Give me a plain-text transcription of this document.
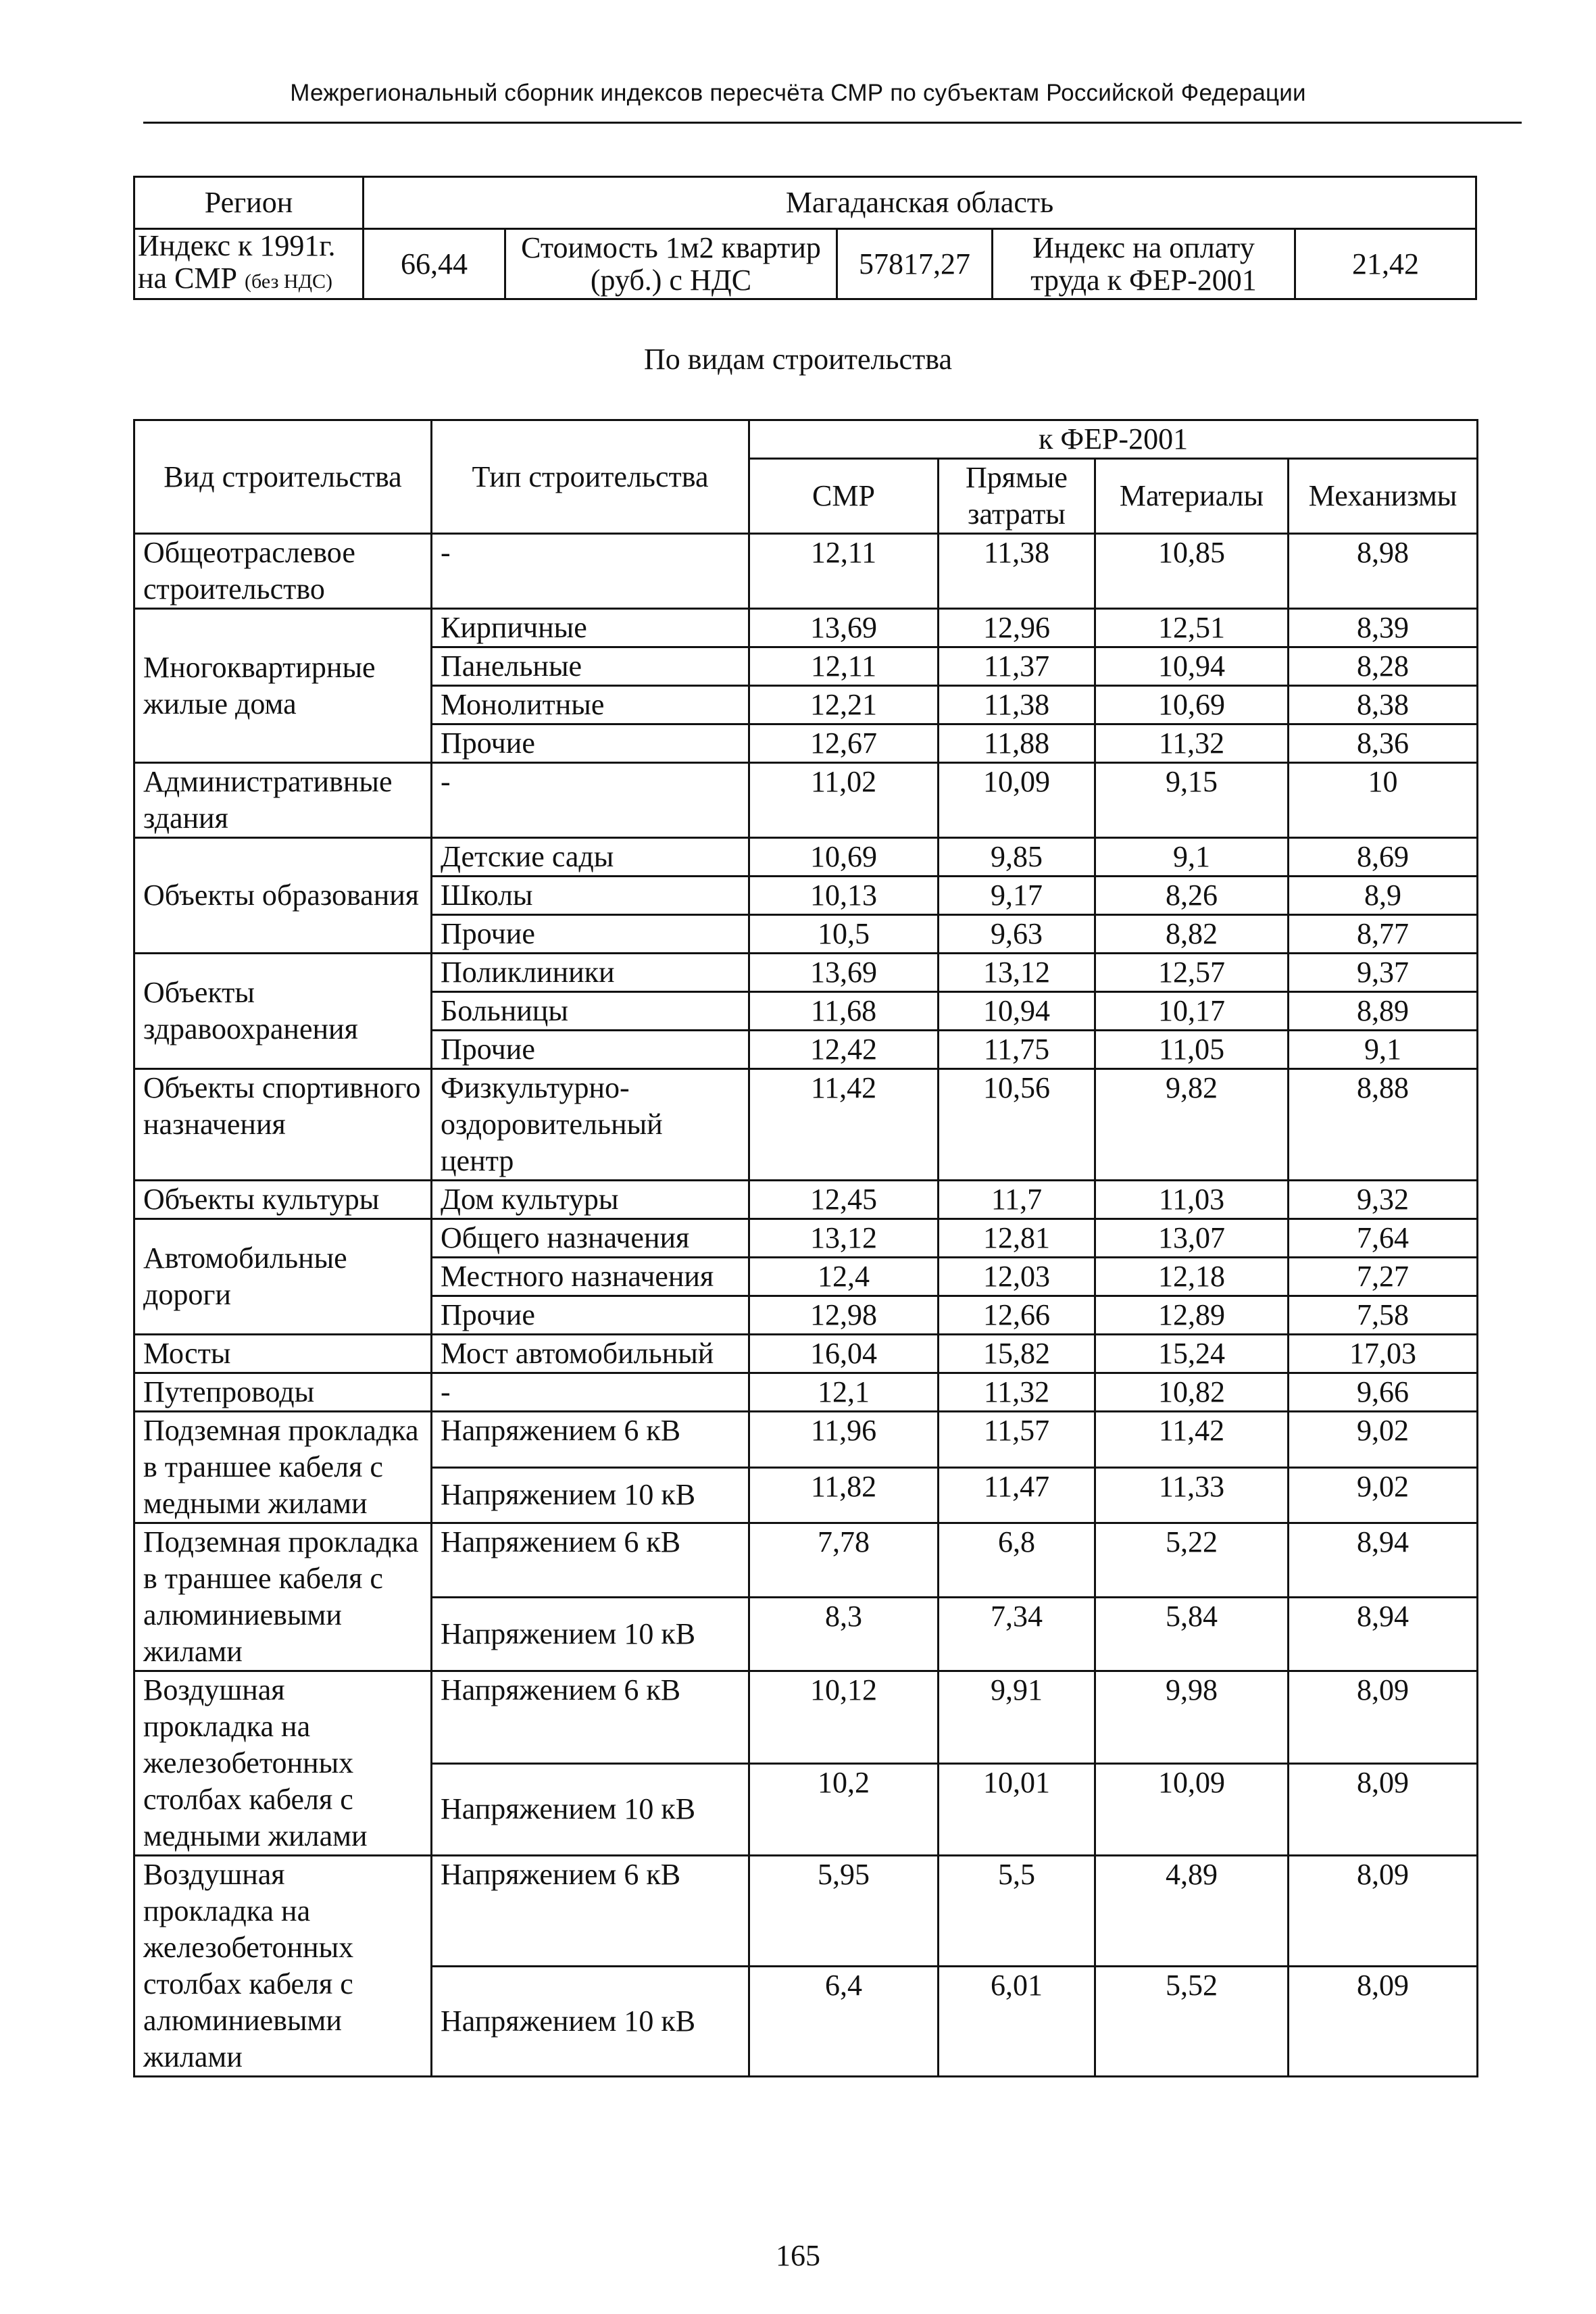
Межрегиональный сборник индексов пересчёта СМР по субъектам Российской Федерации
Регион	Магаданская область				
Индекс к 1991г.
на СМР (без НДС)	66,44	Стоимость 1м2 квартир (руб.) с НДС	57817,27	Индекс на оплату труда к ФЕР-2001	21,42
По видам строительства
Вид строительства	Тип строительства	к ФЕР-2001			
		СМР	Прямые затраты	Материалы	Механизмы
Общеотраслевое строительство	-	12,11	11,38	10,85	8,98
Многоквартирные жилые дома	Кирпичные	13,69	12,96	12,51	8,39
	Панельные	12,11	11,37	10,94	8,28
	Монолитные	12,21	11,38	10,69	8,38
	Прочие	12,67	11,88	11,32	8,36
Административные здания	-	11,02	10,09	9,15	10
Объекты образования	Детские сады	10,69	9,85	9,1	8,69
	Школы	10,13	9,17	8,26	8,9
	Прочие	10,5	9,63	8,82	8,77
Объекты здравоохранения	Поликлиники	13,69	13,12	12,57	9,37
	Больницы	11,68	10,94	10,17	8,89
	Прочие	12,42	11,75	11,05	9,1
Объекты спортивного назначения	Физкультурно-оздоровительный центр	11,42	10,56	9,82	8,88
Объекты культуры	Дом культуры	12,45	11,7	11,03	9,32
Автомобильные дороги	Общего назначения	13,12	12,81	13,07	7,64
	Местного назначения	12,4	12,03	12,18	7,27
	Прочие	12,98	12,66	12,89	7,58
Мосты	Мост автомобильный	16,04	15,82	15,24	17,03
Путепроводы	-	12,1	11,32	10,82	9,66
Подземная прокладка в траншее кабеля с медными жилами	Напряжением 6 кВ	11,96	11,57	11,42	9,02
	Напряжением 10 кВ	11,82	11,47	11,33	9,02
Подземная прокладка в траншее кабеля с алюминиевыми жилами	Напряжением 6 кВ	7,78	6,8	5,22	8,94
	Напряжением 10 кВ	8,3	7,34	5,84	8,94
Воздушная прокладка на железобетонных столбах кабеля с медными жилами	Напряжением 6 кВ	10,12	9,91	9,98	8,09
	Напряжением 10 кВ	10,2	10,01	10,09	8,09
Воздушная прокладка на железобетонных столбах кабеля с алюминиевыми жилами	Напряжением 6 кВ	5,95	5,5	4,89	8,09
	Напряжением 10 кВ	6,4	6,01	5,52	8,09
165
